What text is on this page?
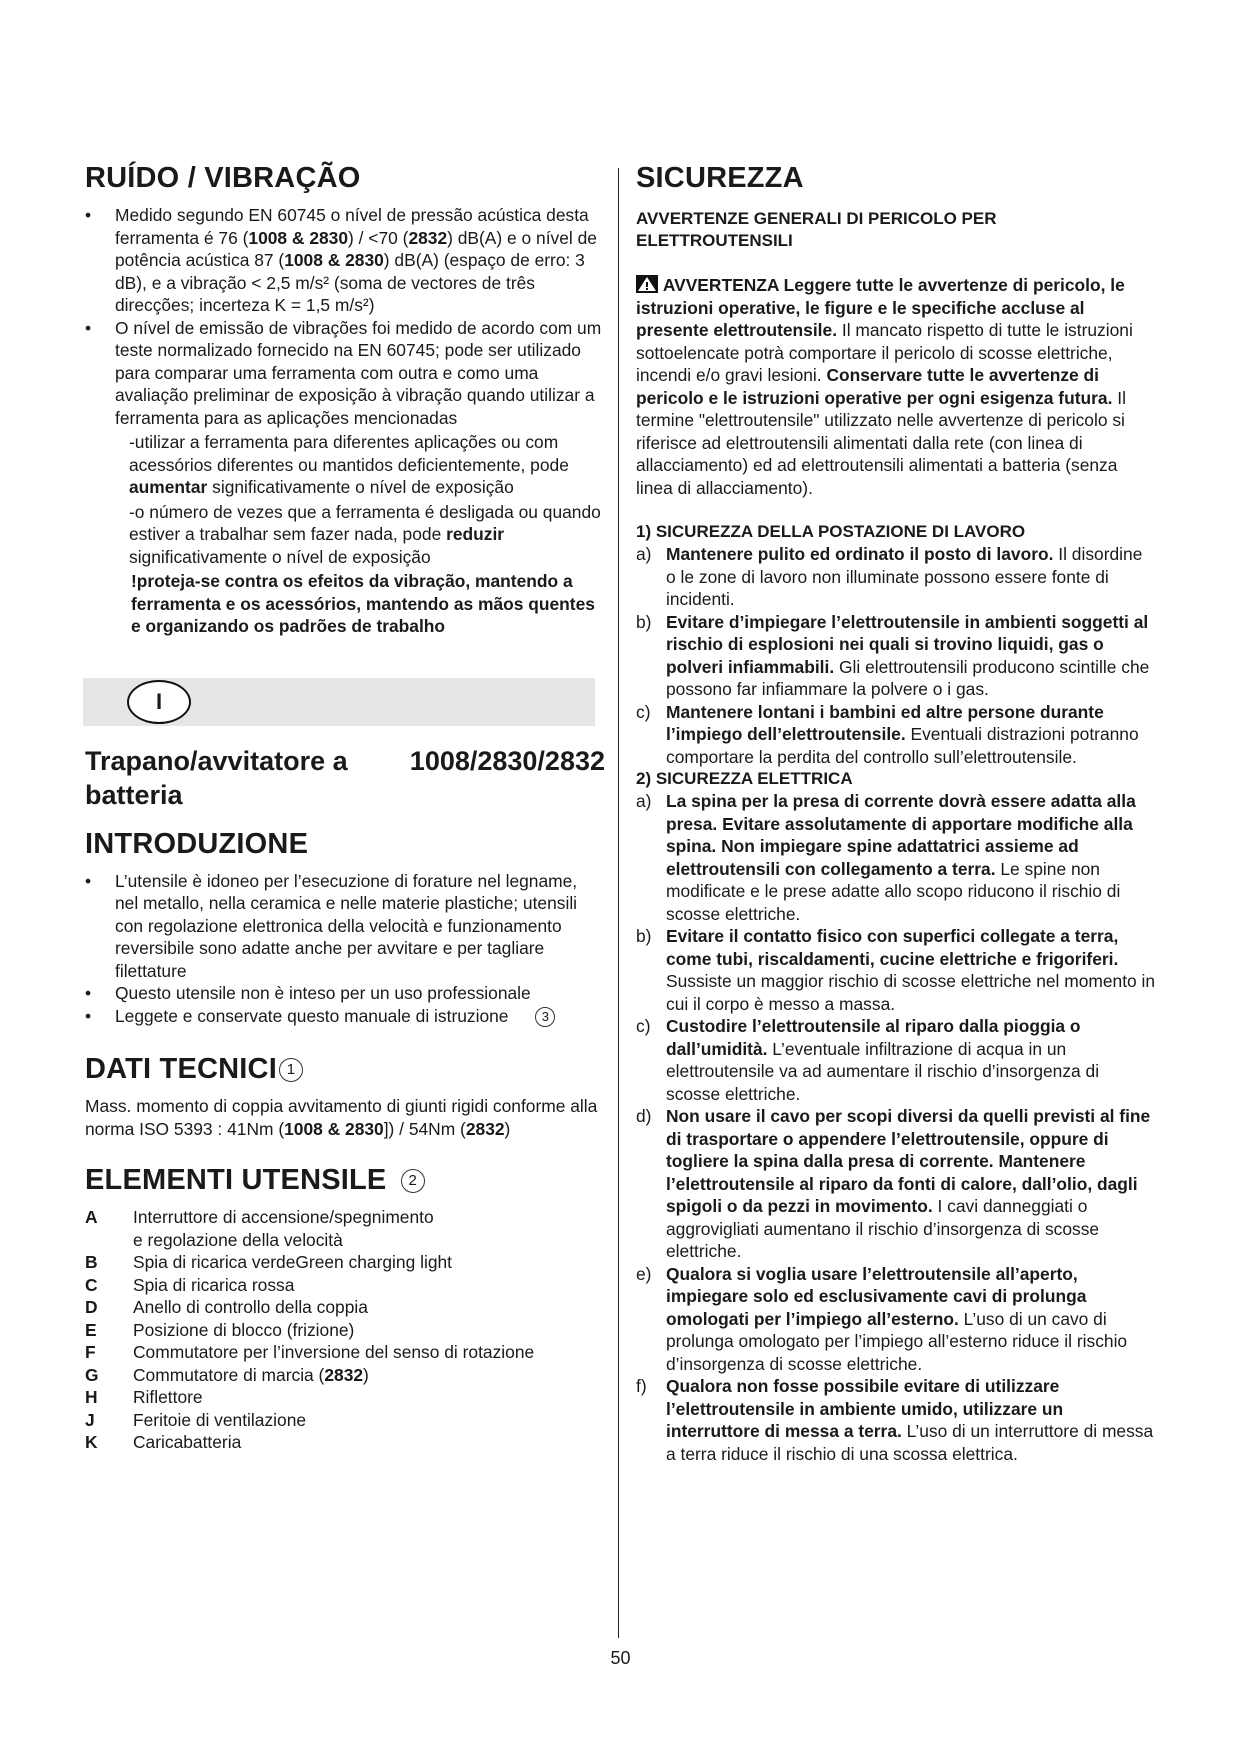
RUÍDO / VIBRAÇÃO
• Medido segundo EN 60745 o nível de pressão acústica desta ferramenta é 76 (1008 & 2830) / <70 (2832) dB(A) e o nível de potência acústica 87 (1008 & 2830) dB(A) (espaço de erro: 3 dB), e a vibração < 2,5 m/s² (soma de vectores de três direcções; incerteza K = 1,5 m/s²)
• O nível de emissão de vibrações foi medido de acordo com um teste normalizado fornecido na EN 60745; pode ser utilizado para comparar uma ferramenta com outra e como uma avaliação preliminar de exposição à vibração quando utilizar a ferramenta para as aplicações mencionadas
-utilizar a ferramenta para diferentes aplicações ou com acessórios diferentes ou mantidos deficientemente, pode aumentar significativamente o nível de exposição
-o número de vezes que a ferramenta é desligada ou quando estiver a trabalhar sem fazer nada, pode reduzir significativamente o nível de exposição
!proteja-se contra os efeitos da vibração, mantendo a ferramenta e os acessórios, mantendo as mãos quentes e organizando os padrões de trabalho
I
Trapano/avvitatore a batteria
1008/2830/2832
INTRODUZIONE
• L’utensile è idoneo per l’esecuzione di forature nel legname, nel metallo, nella ceramica e nelle materie plastiche; utensili con regolazione elettronica della velocità e funzionamento reversibile sono adatte anche per avvitare e per tagliare filettature
• Questo utensile non è inteso per un uso professionale
• Leggete e conservate questo manuale di istruzione	3
DATI TECNICI 1
Mass. momento di coppia avvitamento di giunti rigidi conforme alla norma ISO 5393 : 41Nm (1008 & 2830]) / 54Nm (2832)
ELEMENTI UTENSILE 2
A	Interruttore di accensione/spegnimento
e regolazione della velocità
B	Spia di ricarica verdeGreen charging light
C	Spia di ricarica rossa
D	Anello di controllo della coppia
E	Posizione di blocco (frizione)
F	Commutatore per l’inversione del senso di rotazione
G	Commutatore di marcia (2832)
H	Riflettore
J	Feritoie di ventilazione
K	Caricabatteria
SICUREZZA
AVVERTENZE GENERALI DI PERICOLO PER ELETTROUTENSILI
AVVERTENZA Leggere tutte le avvertenze di pericolo, le istruzioni operative, le figure e le specifiche accluse al presente elettroutensile. Il mancato rispetto di tutte le istruzioni sottoelencate potrà comportare il pericolo di scosse elettriche, incendi e/o gravi lesioni. Conservare tutte le avvertenze di pericolo e le istruzioni operative per ogni esigenza futura. Il termine "elettroutensile" utilizzato nelle avvertenze di pericolo si riferisce ad elettroutensili alimentati dalla rete (con linea di allacciamento) ed ad elettroutensili alimentati a batteria (senza linea di allacciamento).
1) SICUREZZA DELLA POSTAZIONE DI LAVORO
a) Mantenere pulito ed ordinato il posto di lavoro. Il disordine o le zone di lavoro non illuminate possono essere fonte di incidenti.
b) Evitare d’impiegare l’elettroutensile in ambienti soggetti al rischio di esplosioni nei quali si trovino liquidi, gas o polveri infiammabili. Gli elettroutensili producono scintille che possono far infiammare la polvere o i gas.
c) Mantenere lontani i bambini ed altre persone durante l’impiego dell’elettroutensile. Eventuali distrazioni potranno comportare la perdita del controllo sull’elettroutensile.
2) SICUREZZA ELETTRICA
a) La spina per la presa di corrente dovrà essere adatta alla presa. Evitare assolutamente di apportare modifiche alla spina. Non impiegare spine adattatrici assieme ad elettroutensili con collegamento a terra. Le spine non modificate e le prese adatte allo scopo riducono il rischio di scosse elettriche.
b) Evitare il contatto fisico con superfici collegate a terra, come tubi, riscaldamenti, cucine elettriche e frigoriferi. Sussiste un maggior rischio di scosse elettriche nel momento in cui il corpo è messo a massa.
c) Custodire l’elettroutensile al riparo dalla pioggia o dall’umidità. L’eventuale infiltrazione di acqua in un elettroutensile va ad aumentare il rischio d’insorgenza di scosse elettriche.
d) Non usare il cavo per scopi diversi da quelli previsti al fine di trasportare o appendere l’elettroutensile, oppure di togliere la spina dalla presa di corrente. Mantenere l’elettroutensile al riparo da fonti di calore, dall’olio, dagli spigoli o da pezzi in movimento. I cavi danneggiati o aggrovigliati aumentano il rischio d’insorgenza di scosse elettriche.
e) Qualora si voglia usare l’elettroutensile all’aperto, impiegare solo ed esclusivamente cavi di prolunga omologati per l’impiego all’esterno. L’uso di un cavo di prolunga omologato per l’impiego all’esterno riduce il rischio d’insorgenza di scosse elettriche.
f) Qualora non fosse possibile evitare di utilizzare l’elettroutensile in ambiente umido, utilizzare un interruttore di messa a terra. L’uso di un interruttore di messa a terra riduce il rischio di una scossa elettrica.
50
